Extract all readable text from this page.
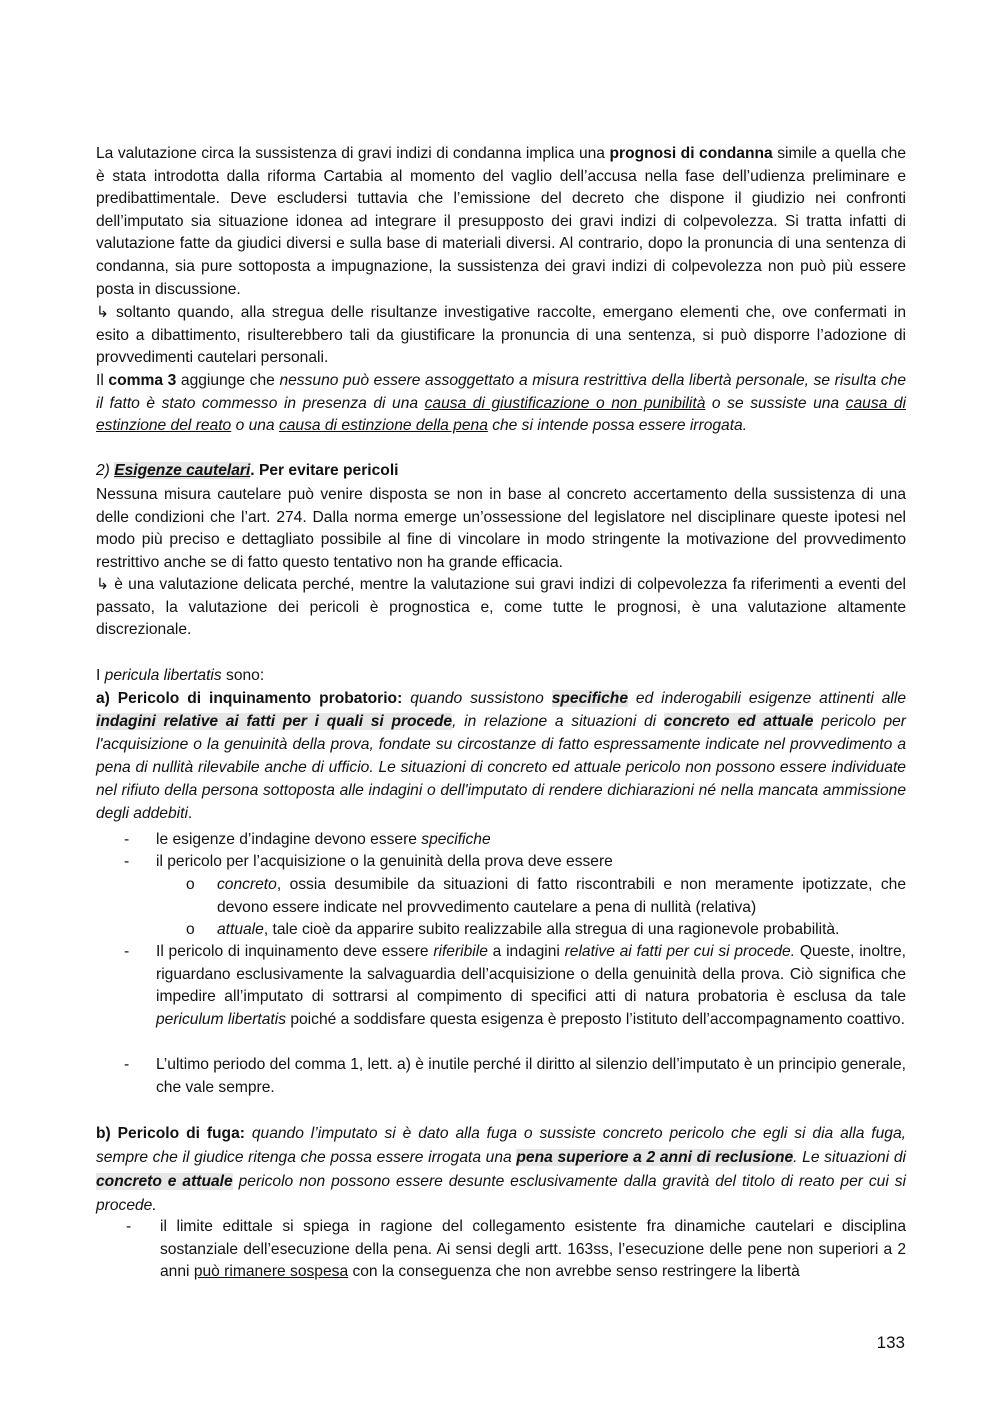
La valutazione circa la sussistenza di gravi indizi di condanna implica una prognosi di condanna simile a quella che è stata introdotta dalla riforma Cartabia al momento del vaglio dell’accusa nella fase dell’udienza preliminare e predibattimentale. Deve escludersi tuttavia che l’emissione del decreto che dispone il giudizio nei confronti dell’imputato sia situazione idonea ad integrare il presupposto dei gravi indizi di colpevolezza. Si tratta infatti di valutazione fatte da giudici diversi e sulla base di materiali diversi. Al contrario, dopo la pronuncia di una sentenza di condanna, sia pure sottoposta a impugnazione, la sussistenza dei gravi indizi di colpevolezza non può più essere posta in discussione.

↳ soltanto quando, alla stregua delle risultanze investigative raccolte, emergano elementi che, ove confermati in esito a dibattimento, risulterebbero tali da giustificare la pronuncia di una sentenza, si può disporre l’adozione di provvedimenti cautelari personali.

Il comma 3 aggiunge che nessuno può essere assoggettato a misura restrittiva della libertà personale, se risulta che il fatto è stato commesso in presenza di una causa di giustificazione o non punibilità o se sussiste una causa di estinzione del reato o una causa di estinzione della pena che si intende possa essere irrogata.

2) Esigenze cautelari. Per evitare pericoli

Nessuna misura cautelare può venire disposta se non in base al concreto accertamento della sussistenza di una delle condizioni che l’art. 274. Dalla norma emerge un’ossessione del legislatore nel disciplinare queste ipotesi nel modo più preciso e dettagliato possibile al fine di vincolare in modo stringente la motivazione del provvedimento restrittivo anche se di fatto questo tentativo non ha grande efficacia.

↳ è una valutazione delicata perché, mentre la valutazione sui gravi indizi di colpevolezza fa riferimenti a eventi del passato, la valutazione dei pericoli è prognostica e, come tutte le prognosi, è una valutazione altamente discrezionale.

I pericula libertatis sono:

a) Pericolo di inquinamento probatorio: quando sussistono specifiche ed inderogabili esigenze attinenti alle indagini relative ai fatti per i quali si procede, in relazione a situazioni di concreto ed attuale pericolo per l'acquisizione o la genuinità della prova, fondate su circostanze di fatto espressamente indicate nel provvedimento a pena di nullità rilevabile anche di ufficio. Le situazioni di concreto ed attuale pericolo non possono essere individuate nel rifiuto della persona sottoposta alle indagini o dell'imputato di rendere dichiarazioni né nella mancata ammissione degli addebiti.

- le esigenze d’indagine devono essere specifiche

- il pericolo per l’acquisizione o la genuinità della prova deve essere

o concreto, ossia desumibile da situazioni di fatto riscontrabili e non meramente ipotizzate, che devono essere indicate nel provvedimento cautelare a pena di nullità (relativa)

o attuale, tale cioè da apparire subito realizzabile alla stregua di una ragionevole probabilità.

- Il pericolo di inquinamento deve essere riferibile a indagini relative ai fatti per cui si procede. Queste, inoltre, riguardano esclusivamente la salvaguardia dell’acquisizione o della genuinità della prova. Ciò significa che impedire all’imputato di sottrarsi al compimento di specifici atti di natura probatoria è esclusa da tale periculum libertatis poiché a soddisfare questa esigenza è preposto l’istituto dell’accompagnamento coattivo.

- L’ultimo periodo del comma 1, lett. a) è inutile perché il diritto al silenzio dell’imputato è un principio generale, che vale sempre.

b) Pericolo di fuga: quando l’imputato si è dato alla fuga o sussiste concreto pericolo che egli si dia alla fuga, sempre che il giudice ritenga che possa essere irrogata una pena superiore a 2 anni di reclusione. Le situazioni di concreto e attuale pericolo non possono essere desunte esclusivamente dalla gravità del titolo di reato per cui si procede.

- il limite edittale si spiega in ragione del collegamento esistente fra dinamiche cautelari e disciplina sostanziale dell’esecuzione della pena. Ai sensi degli artt. 163ss, l’esecuzione delle pene non superiori a 2 anni può rimanere sospesa con la conseguenza che non avrebbe senso restringere la libertà

133
